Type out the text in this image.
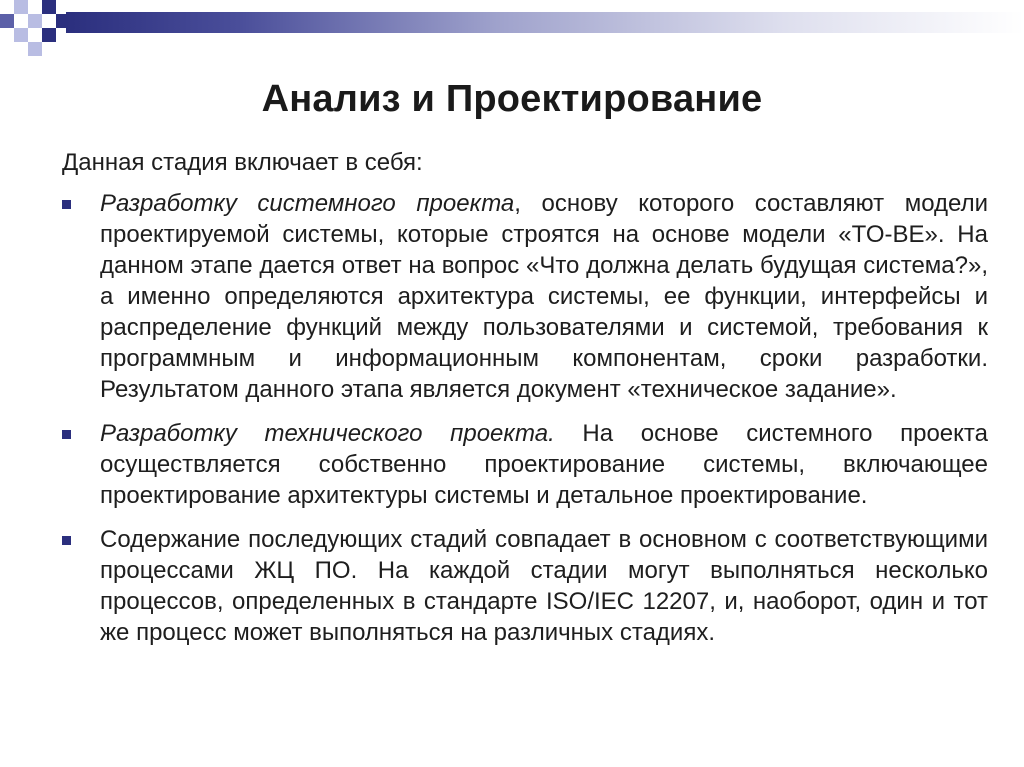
Анализ и Проектирование
Данная стадия включает в себя:
Разработку системного проекта, основу которого составляют модели проектируемой системы, которые строятся на основе модели «TO-BE». На данном этапе дается ответ на вопрос «Что должна делать будущая система?», а именно определяются архитектура системы, ее функции, интерфейсы и распределение функций между пользователями и системой, требования к программным и информационным компонентам, сроки разработки. Результатом данного этапа является документ «техническое задание».
Разработку технического проекта. На основе системного проекта осуществляется собственно проектирование системы, включающее проектирование архитектуры системы и детальное проектирование.
Содержание последующих стадий совпадает в основном с соответствующими процессами ЖЦ ПО. На каждой стадии могут выполняться несколько процессов, определенных в стандарте ISO/IEC 12207, и, наоборот, один и тот же процесс может выполняться на различных стадиях.
